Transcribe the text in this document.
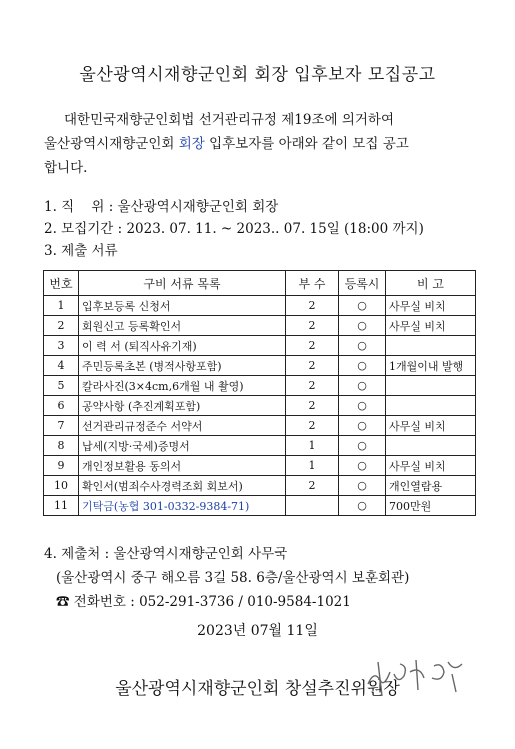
울산광역시재향군인회 회장 입후보자 모집공고
대한민국재향군인회법 선거관리규정 제19조에 의거하여
울산광역시재향군인회 회장 입후보자를 아래와 같이 모집 공고
합니다.
1. 직    위 : 울산광역시재향군인회 회장
2. 모집기간 : 2023. 07. 11. ~ 2023.. 07. 15일 (18:00 까지)
3. 제출 서류
번호	구비 서류 목록	부 수	등록시	비 고
1	입후보등록 신청서	2	○	사무실 비치
2	회원신고 등록확인서	2	○	사무실 비치
3	이 력 서 (퇴직사유기재)	2	○	
4	주민등록초본 (병적사항포함)	2	○	1개월이내 발행
5	칼라사진(3×4cm,6개월 내 촬영)	2	○	
6	공약사항 (추진계획포함)	2	○	
7	선거관리규정준수 서약서	2	○	사무실 비치
8	납세(지방·국세)증명서	1	○	
9	개인정보활용 동의서	1	○	사무실 비치
10	확인서(범죄수사경력조회 회보서)	2	○	개인열람용
11	기탁금(농협 301-0332-9384-71)		○	700만원
4. 제출처 : 울산광역시재향군인회 사무국
(울산광역시 중구 해오름 3길 58. 6층/울산광역시 보훈회관)
☎ 전화번호 : 052-291-3736 / 010-9584-1021
2023년 07월 11일
울산광역시재향군인회 창설추진위원장
